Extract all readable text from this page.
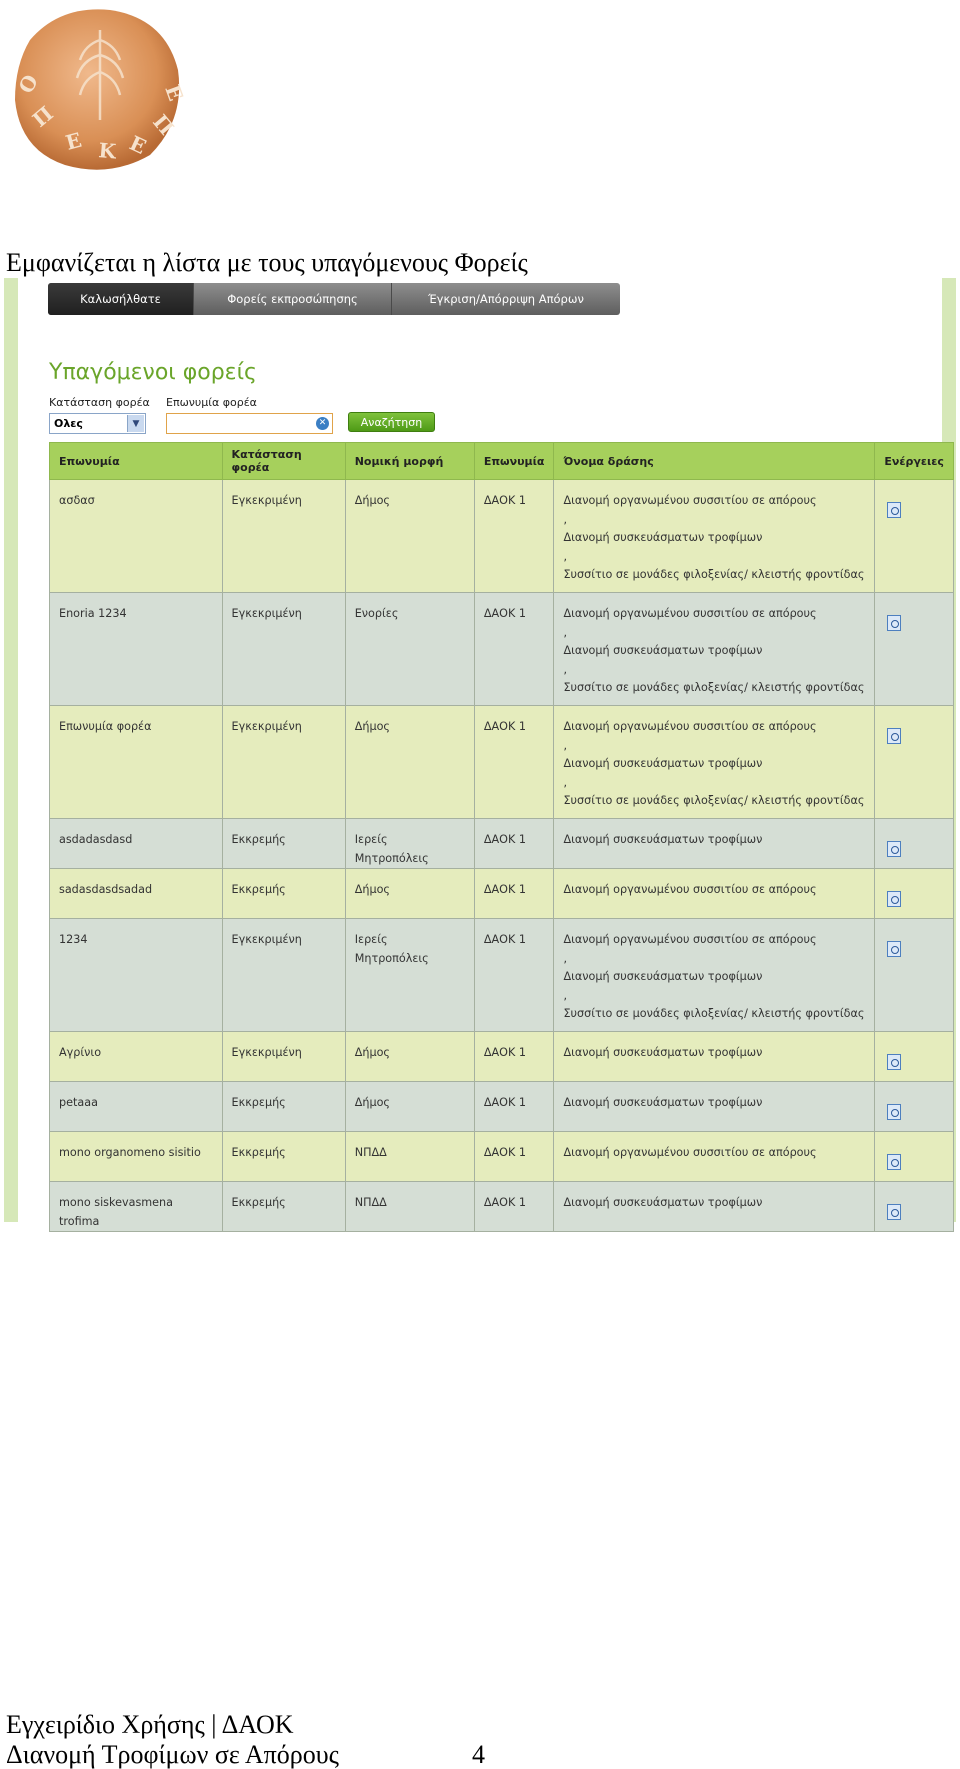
Ο
Π
Ε Κ Ε
Π
Ε
Εμφανίζεται η λίστα με τους υπαγόμενους Φορείς
Καλωσήλθατε	Φορείς εκπροσώπησης	Έγκριση/Απόρριψη Απόρων
Υπαγόμενοι φορείς
Κατάσταση φορέα Επωνυμία φορέα
Ολες	▼	✕	Αναζήτηση
Επωνυμία	Κατάσταση φορέα	Νομική μορφή	Επωνυμία	Όνομα δράσης	Ενέργειες
ασδασ	Εγκεκριμένη	Δήμος	ΔΑΟΚ 1	Διανομή οργανωμένου συσσιτίου σε απόρους
,
Διανομή συσκευάσματων τροφίμων
,
Συσσίτιο σε μονάδες φιλοξενίας/ κλειστής φροντίδας	

Enoria 1234	Εγκεκριμένη	Ενορίες	ΔΑΟΚ 1	Διανομή οργανωμένου συσσιτίου σε απόρους
,
Διανομή συσκευάσματων τροφίμων
,
Συσσίτιο σε μονάδες φιλοξενίας/ κλειστής φροντίδας	

Επωνυμία φορέα	Εγκεκριμένη	Δήμος	ΔΑΟΚ 1	Διανομή οργανωμένου συσσιτίου σε απόρους
,
Διανομή συσκευάσματων τροφίμων
,
Συσσίτιο σε μονάδες φιλοξενίας/ κλειστής φροντίδας	

asdadasdasd	Εκκρεμής	Ιερείς Μητροπόλεις	ΔΑΟΚ 1	Διανομή συσκευάσματων τροφίμων	

sadasdasdsadad	Εκκρεμής	Δήμος	ΔΑΟΚ 1	Διανομή οργανωμένου συσσιτίου σε απόρους	

1234	Εγκεκριμένη	Ιερείς Μητροπόλεις	ΔΑΟΚ 1	Διανομή οργανωμένου συσσιτίου σε απόρους
,
Διανομή συσκευάσματων τροφίμων
,
Συσσίτιο σε μονάδες φιλοξενίας/ κλειστής φροντίδας	

Αγρίνιο	Εγκεκριμένη	Δήμος	ΔΑΟΚ 1	Διανομή συσκευάσματων τροφίμων	

petaaa	Εκκρεμής	Δήμος	ΔΑΟΚ 1	Διανομή συσκευάσματων τροφίμων	

mono organomeno sisitio	Εκκρεμής	ΝΠΔΔ	ΔΑΟΚ 1	Διανομή οργανωμένου συσσιτίου σε απόρους	

mono siskevasmena trofima	Εκκρεμής	ΝΠΔΔ	ΔΑΟΚ 1	Διανομή συσκευάσματων τροφίμων	

Εγχειρίδιο Χρήσης | ΔΑΟΚ
Διανομή Τροφίμων σε Απόρους	4
